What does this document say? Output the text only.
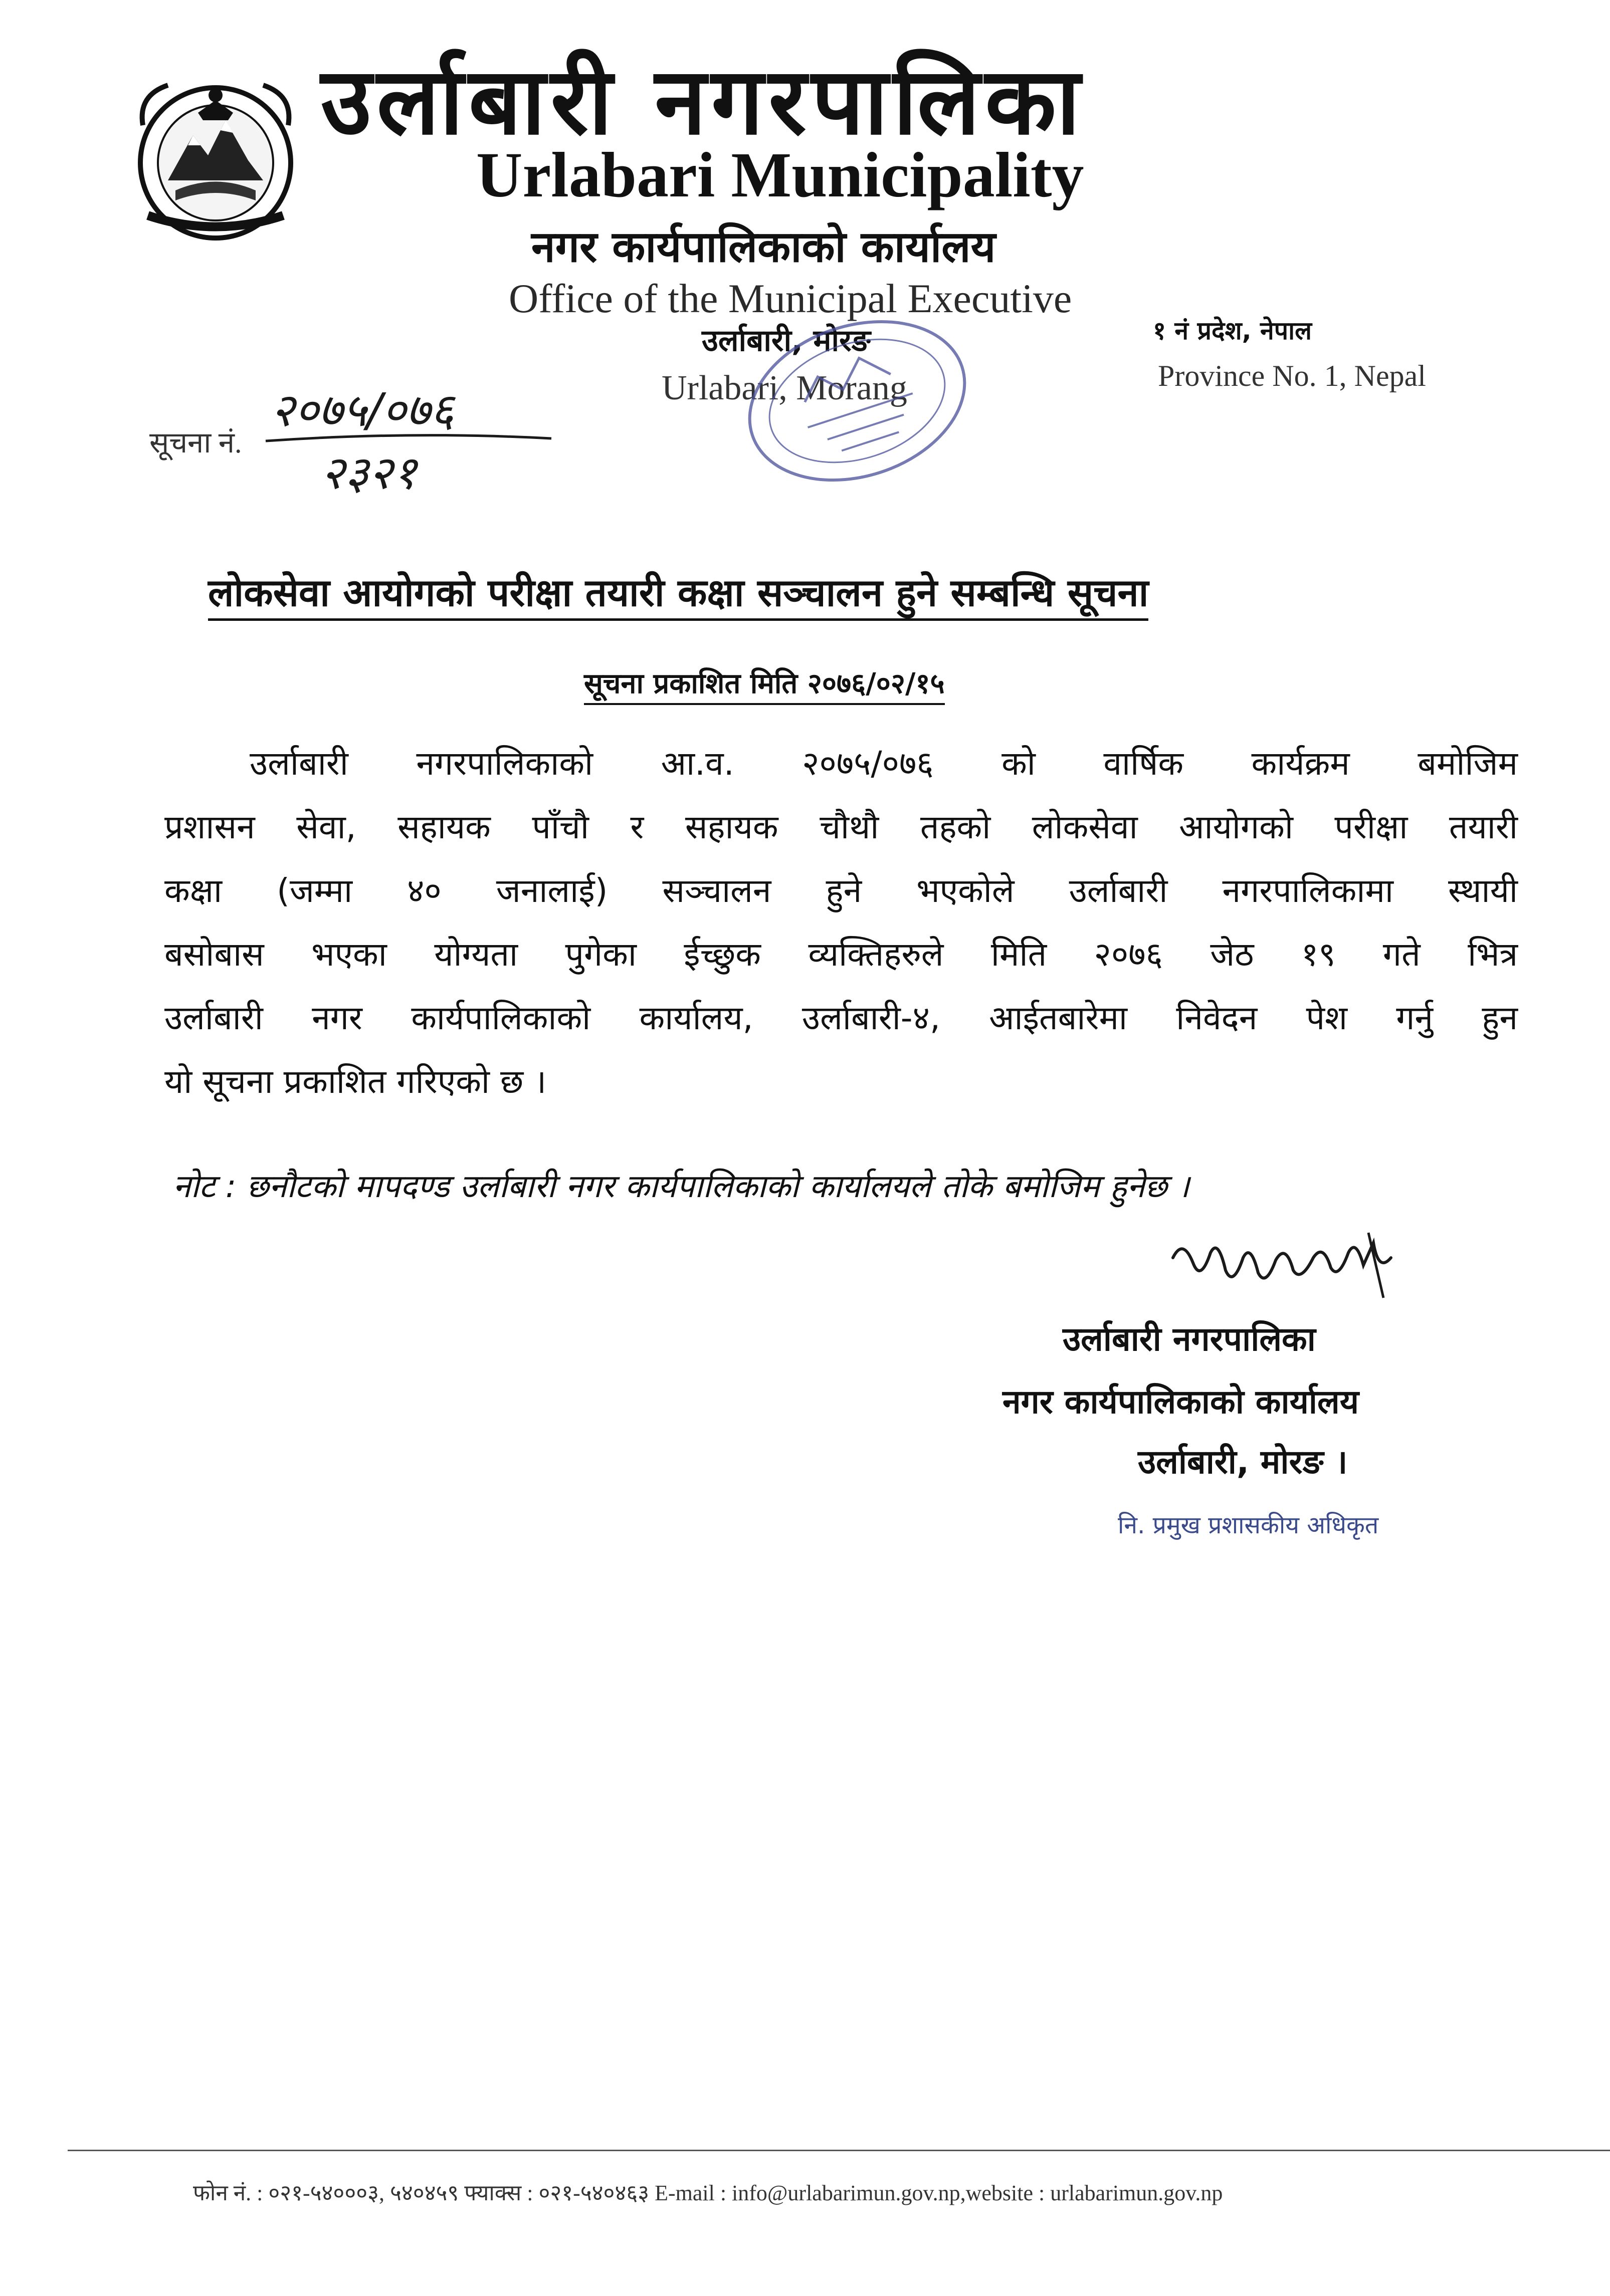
उर्लाबारी नगरपालिका
Urlabari Municipality
नगर कार्यपालिकाको कार्यालय
Office of the Municipal Executive
उर्लाबारी, मोरङ
Urlabari, Morang
१ नं प्रदेश, नेपाल
Province No. 1, Nepal
सूचना नं.
२०७५/०७६
२३२१
लोकसेवा आयोगको परीक्षा तयारी कक्षा सञ्चालन हुने सम्बन्धि सूचना
सूचना प्रकाशित मिति २०७६/०२/१५
उर्लाबारी नगरपालिकाको आ.व. २०७५/०७६ को वार्षिक कार्यक्रम बमोजिम
प्रशासन सेवा, सहायक पाँचौ र सहायक चौथौ तहको लोकसेवा आयोगको परीक्षा तयारी
कक्षा (जम्मा ४० जनालाई) सञ्चालन हुने भएकोले उर्लाबारी नगरपालिकामा स्थायी
बसोबास भएका योग्यता पुगेका ईच्छुक व्यक्तिहरुले मिति २०७६ जेठ १९ गते भित्र
उर्लाबारी नगर कार्यपालिकाको कार्यालय, उर्लाबारी-४, आईतबारेमा निवेदन पेश गर्नु हुन
यो सूचना प्रकाशित गरिएको छ ।
नोट : छनौटको मापदण्ड उर्लाबारी नगर कार्यपालिकाको कार्यालयले तोके बमोजिम हुनेछ ।
उर्लाबारी नगरपालिका
नगर कार्यपालिकाको कार्यालय
उर्लाबारी, मोरङ ।
नि. प्रमुख प्रशासकीय अधिकृत
फोन नं. : ०२१-५४०००३, ५४०४५९ फ्याक्स : ०२१-५४०४६३ E-mail : info@urlabarimun.gov.np,website : urlabarimun.gov.np
